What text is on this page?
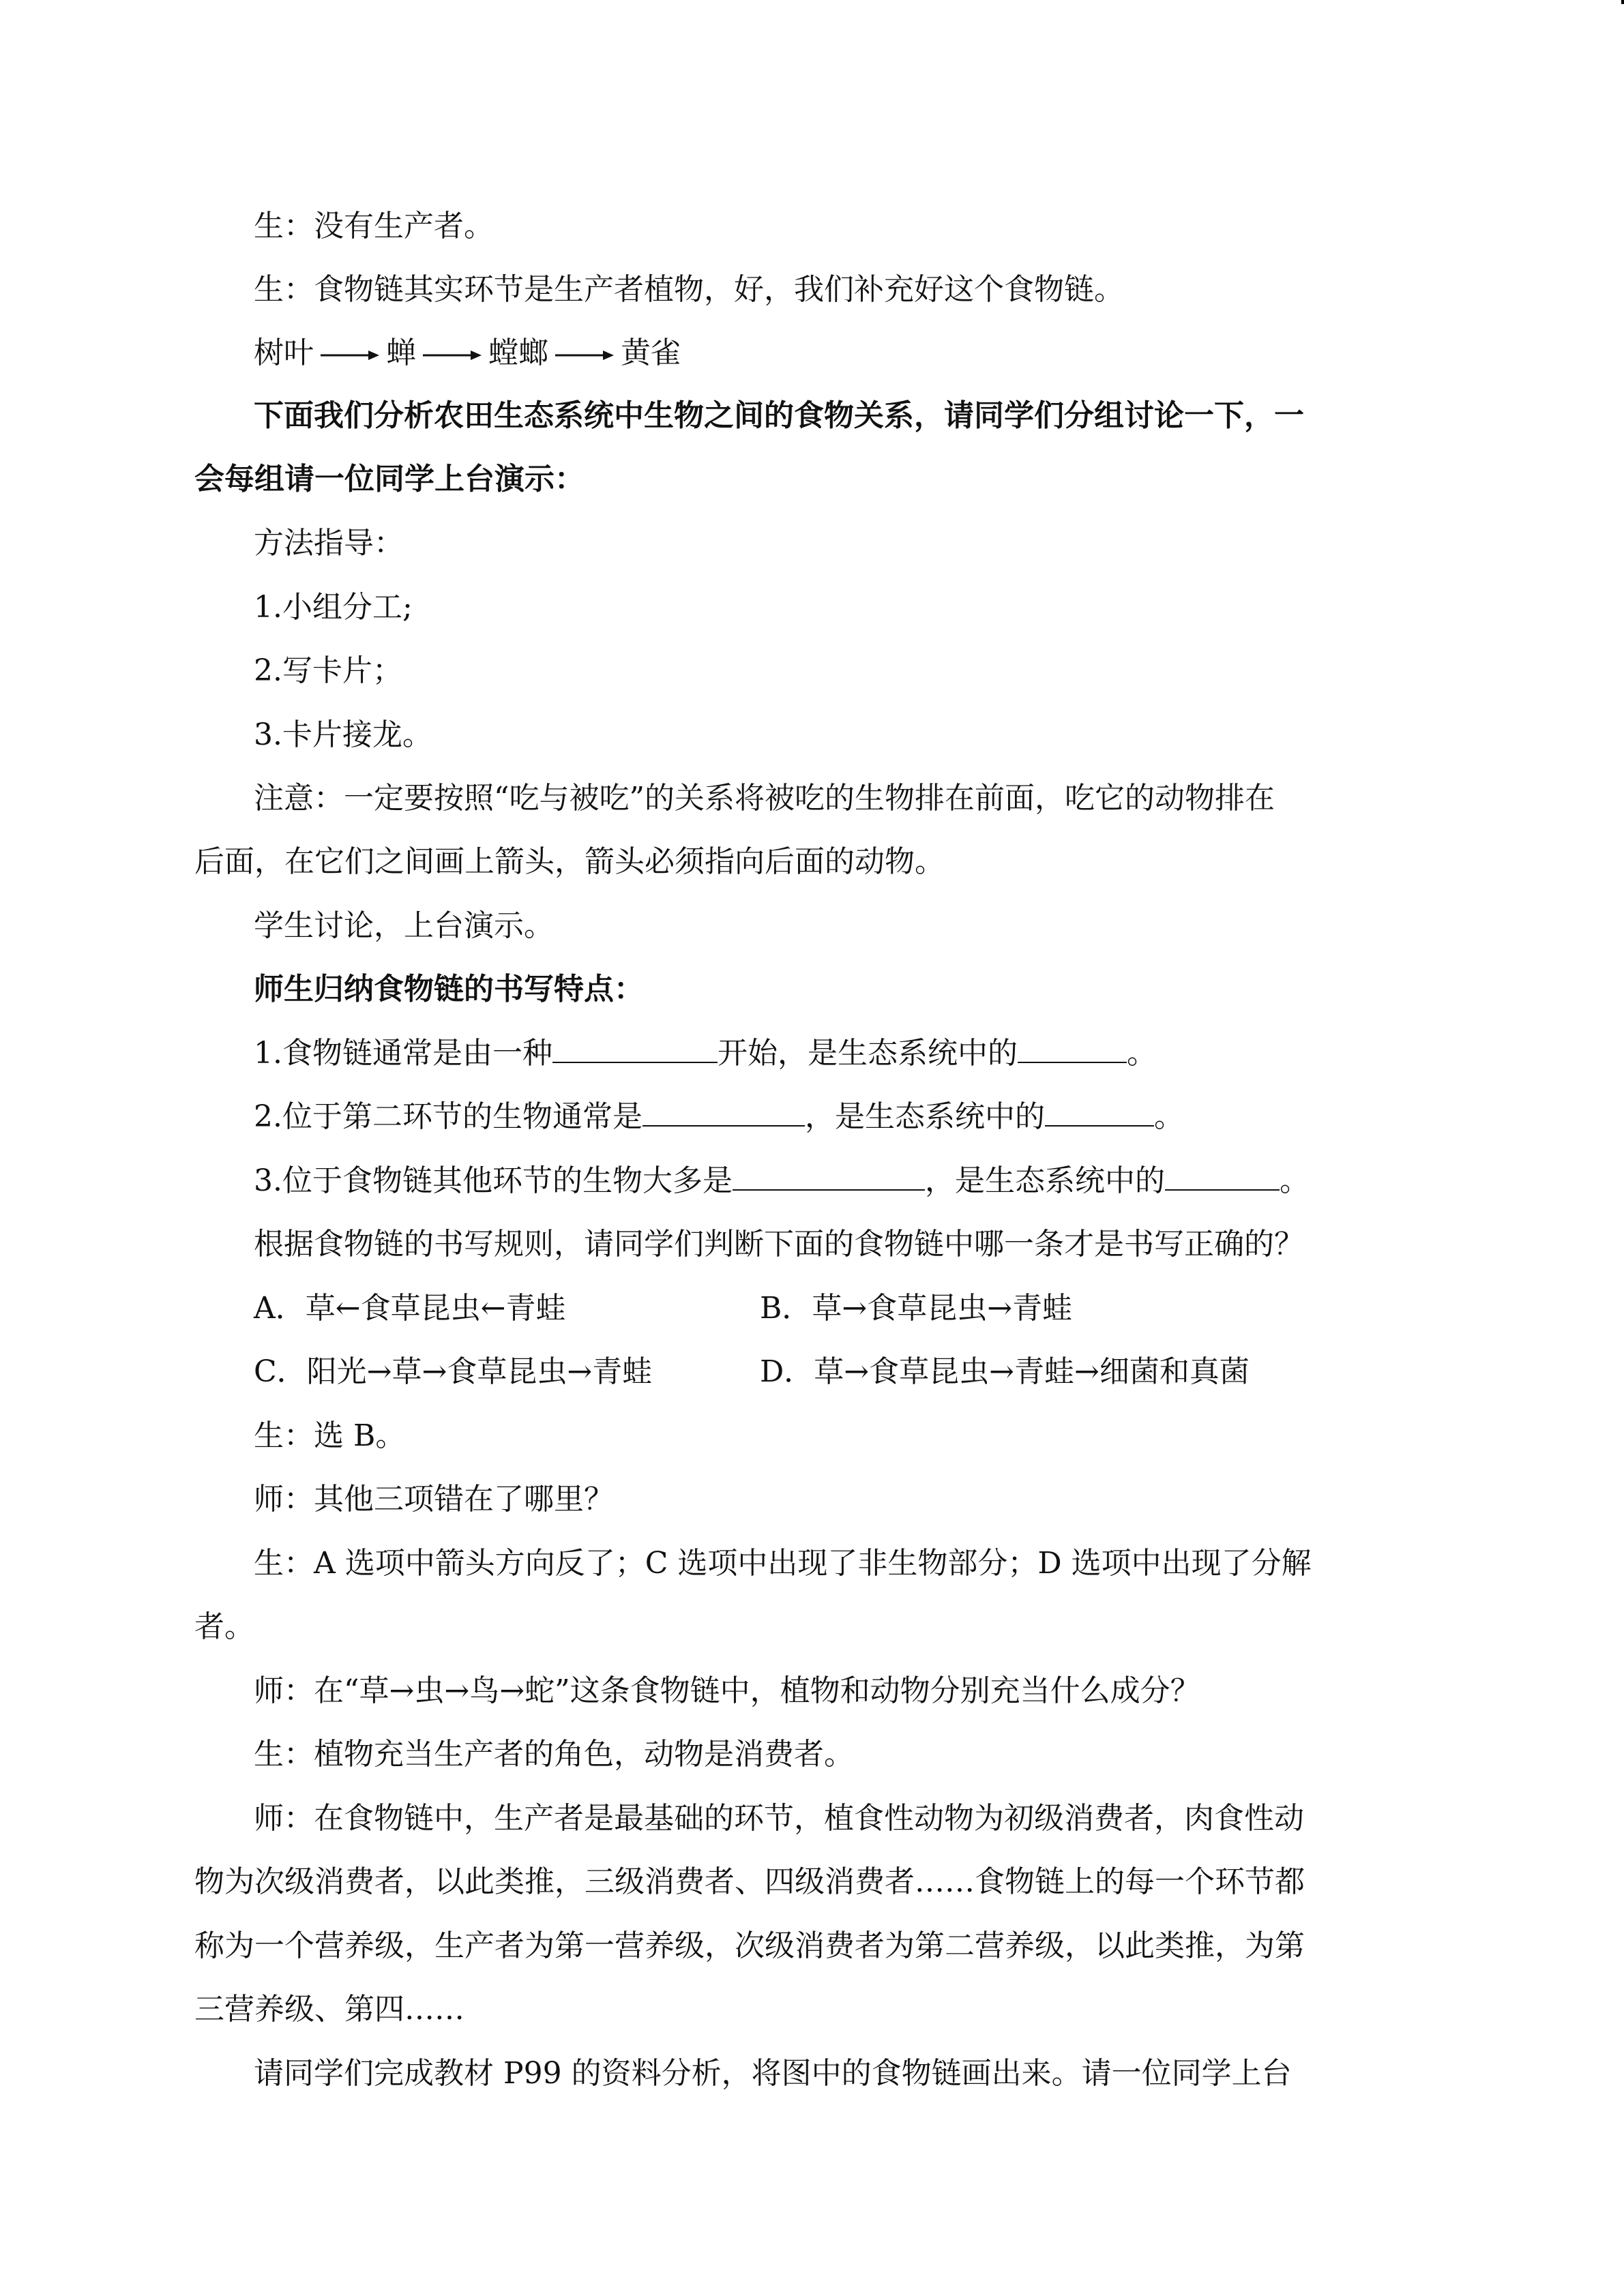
生：没有生产者。
生：食物链其实环节是生产者植物，好，我们补充好这个食物链。
树叶 蝉 螳螂 黄雀
下面我们分析农田生态系统中生物之间的食物关系，请同学们分组讨论一下，一
会每组请一位同学上台演示：
方法指导：
1.小组分工;
2.写卡片；
3.卡片接龙。
注意：一定要按照“吃与被吃”的关系将被吃的生物排在前面，吃它的动物排在
后面，在它们之间画上箭头，箭头必须指向后面的动物。
学生讨论，上台演示。
师生归纳食物链的书写特点：
1.食物链通常是由一种	开始，是生态系统中的	。
2.位于第二环节的生物通常是	，是生态系统中的	。
3.位于食物链其他环节的生物大多是	，是生态系统中的	。
根据食物链的书写规则，请同学们判断下面的食物链中哪一条才是书写正确的？
A．草←食草昆虫←青蛙	B．草→食草昆虫→青蛙
C．阳光→草→食草昆虫→青蛙	D．草→食草昆虫→青蛙→细菌和真菌
生：选 B。
师：其他三项错在了哪里？
生：A 选项中箭头方向反了；C 选项中出现了非生物部分；D 选项中出现了分解
者。
师：在“草→虫→鸟→蛇”这条食物链中，植物和动物分别充当什么成分？
生：植物充当生产者的角色，动物是消费者。
师：在食物链中，生产者是最基础的环节，植食性动物为初级消费者，肉食性动
物为次级消费者，以此类推，三级消费者、四级消费者……食物链上的每一个环节都
称为一个营养级，生产者为第一营养级，次级消费者为第二营养级，以此类推，为第
三营养级、第四……
请同学们完成教材 P99 的资料分析，将图中的食物链画出来。请一位同学上台
